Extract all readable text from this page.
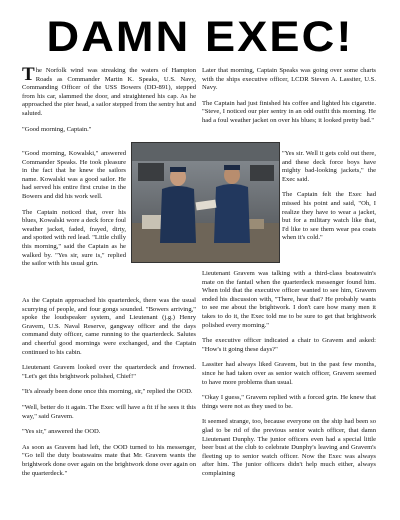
DAMN EXEC!

The Norfolk wind was streaking the waters of Hampton Roads as Commander Martin K. Speaks, U.S. Navy, Commanding Officer of the USS Bowers (DD-891), stepped from his car, slammed the door, and straightened his cap. As he approached the pier head, a sailor stepped from the sentry hut and saluted.

"Good morning, Captain."

"Good morning, Kowalski," answered Commander Speaks. He took pleasure in the fact that he knew the sailors name. Kowalski was a good sailor. He had served his entire first cruise in the Bowers and did his work well.

The Captain noticed that, over his blues, Kowalski wore a deck force foul weather jacket, faded, frayed, dirty, and spotted with red lead. "Little chilly this morning," said the Captain as he walked by. "Yes sir, sure is," replied the sailor with his usual grin.

As the Captain approached his quarterdeck, there was the usual scurrying of people, and four gongs sounded. "Bowers arriving," spoke the loudspeaker system, and Lieutenant (j.g.) Henry Gravem, U.S. Naval Reserve, gangway officer and the days command duty officer, came running to the quarterdeck. Salutes and cheerful good mornings were exchanged, and the Captain continued to his cabin.

Lieutenant Gravem looked over the quarterdeck and frowned. "Let's get this brightwork polished, Chief!"

"It's already been done once this morning, sir," replied the OOD.

"Well, better do it again. The Exec will have a fit if he sees it this way," said Gravem.

"Yes sir," answered the OOD.

As soon as Gravem had left, the OOD turned to his messenger, "Go tell the duty boatswains mate that Mr. Gravem wants the brightwork done over again on the brightwork done over again on the quarterdeck."

Later that morning, Captain Speaks was going over some charts with the ships executive officer, LCDR Steven A. Lassiter, U.S. Navy.

The Captain had just finished his coffee and lighted his cigarette. "Steve, I noticed our pier sentry in an odd outfit this morning. He had a foul weather jacket on over his blues; it looked pretty bad."

"Yes sir. Well it gets cold out there, and these deck force boys have mighty bad-looking jackets," the Exec said.

The Captain felt the Exec had missed his point and said, "Oh, I realize they have to wear a jacket, but for a military watch like that, I'd like to see them wear pea coats when it's cold."

Lieutenant Gravem was talking with a third-class boatswain's mate on the fantail when the quarterdeck messenger found him. When told that the executive officer wanted to see him, Gravem ended his discussion with, "There, hear that? He probably wants to see me about the brightwork. I don't care how many men it takes to do it, the Exec told me to be sure to get that brightwork polished every morning."

The executive officer indicated a chair to Gravem and asked: "How's it going these days?"

Lassiter had always liked Gravem, but in the past few months, since he had taken over as senior watch officer, Gravem seemed to have more problems than usual.

"Okay I guess," Gravem replied with a forced grin. He knew that things were not as they used to be.

It seemed strange, too, because everyone on the ship had been so glad to be rid of the previous senior watch officer, that damn Lieutenant Dunphy. The junior officers even had a special little beer bust at the club to celebrate Dunphy's leaving and Gravem's fleeting up to senior watch officer. Now the Exec was always after him. The junior officers didn't help much either, always complaining
